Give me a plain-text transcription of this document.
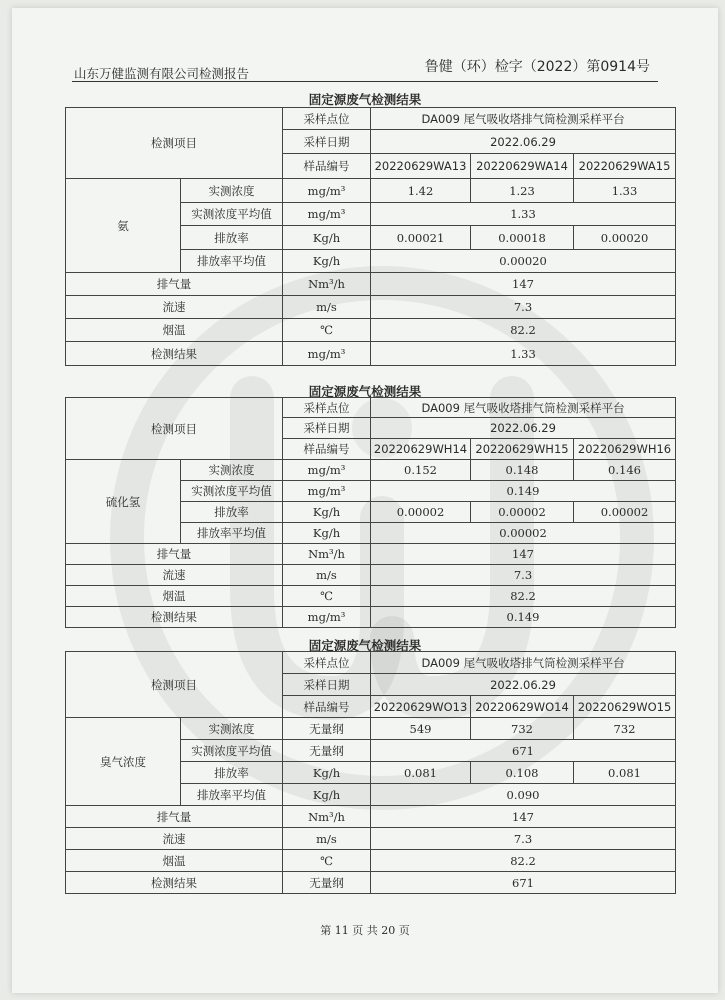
山东万健监测有限公司检测报告	鲁健（环）检字（2022）第0914号
固定源废气检测结果
检测项目		采样点位	DA009 尾气吸收塔排气筒检测采样平台		
		采样日期	2022.06.29		
		样品编号	20220629WA13	20220629WA14	20220629WA15
氨	实测浓度	mg/m³	1.42	1.23	1.33
	实测浓度平均值	mg/m³	1.33		
	排放率	Kg/h	0.00021	0.00018	0.00020
	排放率平均值	Kg/h	0.00020		
排气量		Nm³/h	147		
流速		m/s	7.3		
烟温		℃	82.2		
检测结果		mg/m³	1.33		
固定源废气检测结果
检测项目		采样点位	DA009 尾气吸收塔排气筒检测采样平台		
		采样日期	2022.06.29		
		样品编号	20220629WH14	20220629WH15	20220629WH16
硫化氢	实测浓度	mg/m³	0.152	0.148	0.146
	实测浓度平均值	mg/m³	0.149		
	排放率	Kg/h	0.00002	0.00002	0.00002
	排放率平均值	Kg/h	0.00002		
排气量		Nm³/h	147		
流速		m/s	7.3		
烟温		℃	82.2		
检测结果		mg/m³	0.149		
固定源废气检测结果
检测项目		采样点位	DA009 尾气吸收塔排气筒检测采样平台		
		采样日期	2022.06.29		
		样品编号	20220629WO13	20220629WO14	20220629WO15
臭气浓度	实测浓度	无量纲	549	732	732
	实测浓度平均值	无量纲	671		
	排放率	Kg/h	0.081	0.108	0.081
	排放率平均值	Kg/h	0.090		
排气量		Nm³/h	147		
流速		m/s	7.3		
烟温		℃	82.2		
检测结果		无量纲	671		
第 11 页 共 20 页
